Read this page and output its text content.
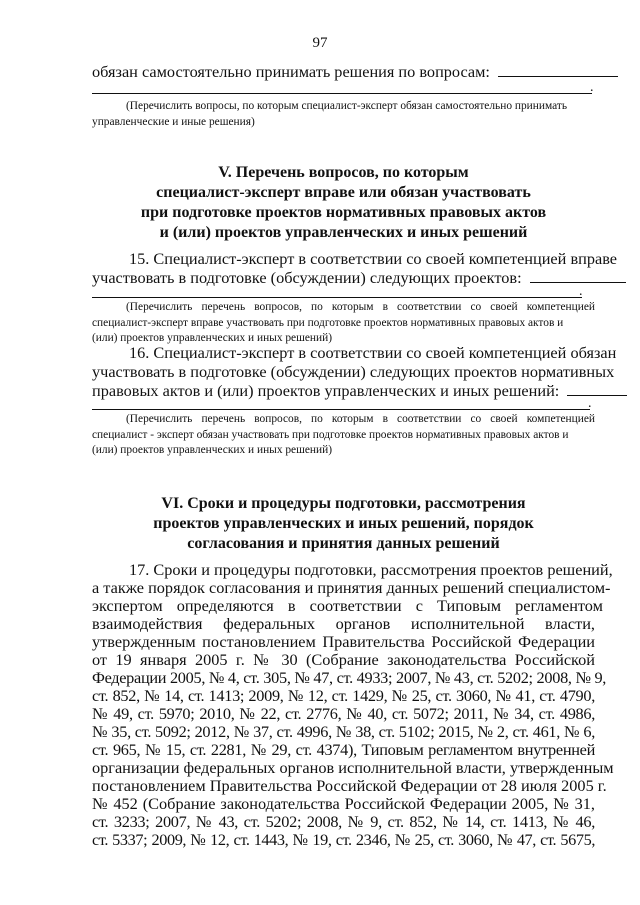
97
обязан самостоятельно принимать решения по вопросам:
.
(Перечислить вопросы, по которым специалист-эксперт обязан самостоятельно принимать
управленческие и иные решения)
V. Перечень вопросов, по которым
специалист-эксперт вправе или обязан участвовать
при подготовке проектов нормативных правовых актов
и (или) проектов управленческих и иных решений
15. Специалист-эксперт в соответствии со своей компетенцией вправе
участвовать в подготовке (обсуждении) следующих проектов:
.
(Перечислить перечень вопросов, по которым в соответствии со своей компетенцией
специалист-эксперт вправе участвовать при подготовке проектов нормативных правовых актов и
(или) проектов управленческих и иных решений)
16. Специалист-эксперт в соответствии со своей компетенцией обязан
участвовать в подготовке (обсуждении) следующих проектов нормативных
правовых актов и (или) проектов управленческих и иных решений:
.
(Перечислить перечень вопросов, по которым в соответствии со своей компетенцией
специалист - эксперт обязан участвовать при подготовке проектов нормативных правовых актов и
(или) проектов управленческих и иных решений)
VI. Сроки и процедуры подготовки, рассмотрения
проектов управленческих и иных решений, порядок
согласования и принятия данных решений
17. Сроки и процедуры подготовки, рассмотрения проектов решений,
а также порядок согласования и принятия данных решений специалистом-
экспертом определяются в соответствии с Типовым регламентом
взаимодействия федеральных органов исполнительной власти,
утвержденным постановлением Правительства Российской Федерации
от 19 января 2005 г. № 30 (Собрание законодательства Российской
Федерации 2005, № 4, ст. 305, № 47, ст. 4933; 2007, № 43, ст. 5202; 2008, № 9,
ст. 852, № 14, ст. 1413; 2009, № 12, ст. 1429, № 25, ст. 3060, № 41, ст. 4790,
№ 49, ст. 5970; 2010, № 22, ст. 2776, № 40, ст. 5072; 2011, № 34, ст. 4986,
№ 35, ст. 5092; 2012, № 37, ст. 4996, № 38, ст. 5102; 2015, № 2, ст. 461, № 6,
ст. 965, № 15, ст. 2281, № 29, ст. 4374), Типовым регламентом внутренней
организации федеральных органов исполнительной власти, утвержденным
постановлением Правительства Российской Федерации от 28 июля 2005 г.
№ 452 (Собрание законодательства Российской Федерации 2005, № 31,
ст. 3233; 2007, № 43, ст. 5202; 2008, № 9, ст. 852, № 14, ст. 1413, № 46,
ст. 5337; 2009, № 12, ст. 1443, № 19, ст. 2346, № 25, ст. 3060, № 47, ст. 5675,
